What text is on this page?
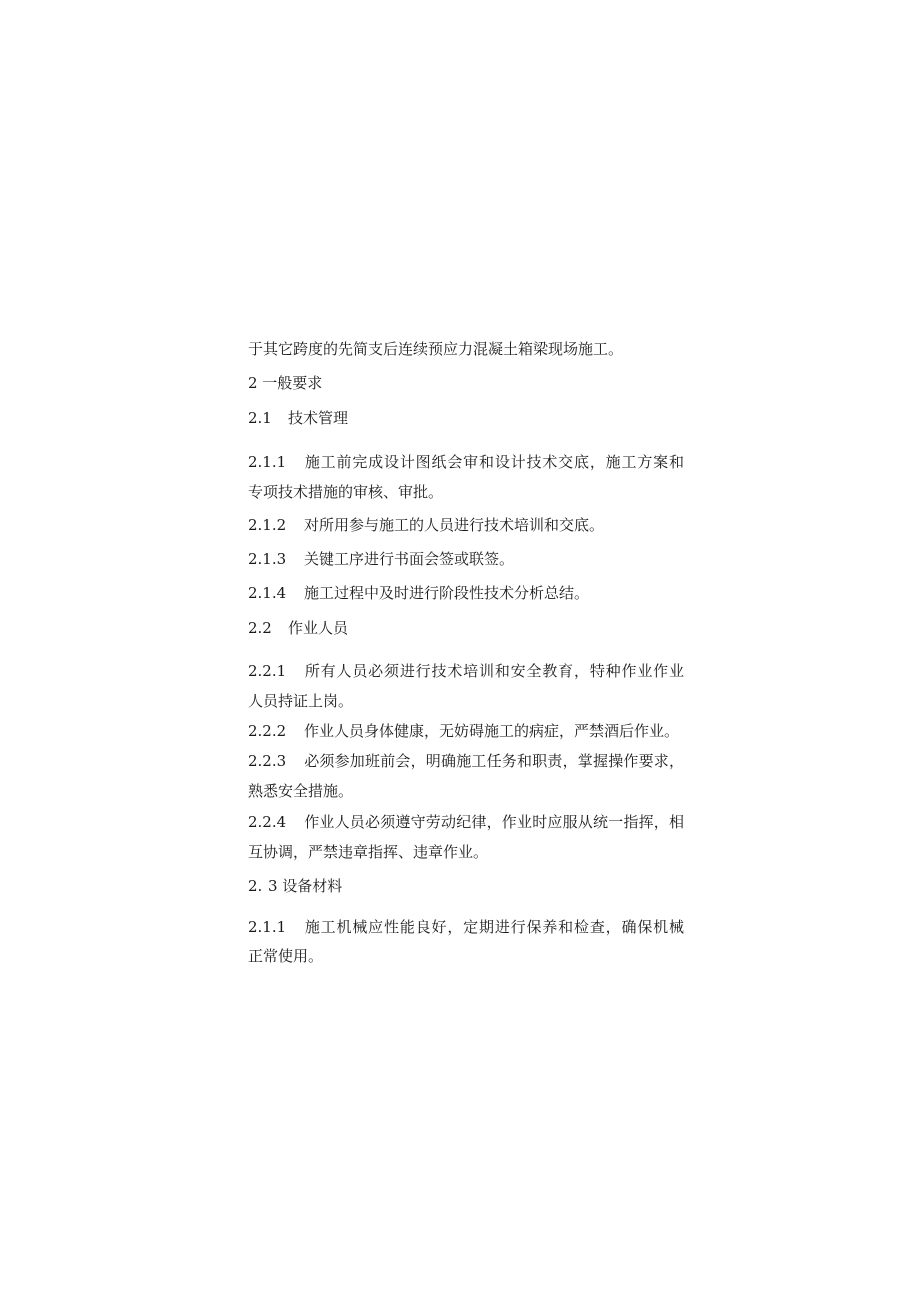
于其它跨度的先简支后连续预应力混凝土箱梁现场施工。
2 一般要求
2.1 技术管理
2.1.1 施工前完成设计图纸会审和设计技术交底，施工方案和
专项技术措施的审核、审批。
2.1.2 对所用参与施工的人员进行技术培训和交底。
2.1.3 关键工序进行书面会签或联签。
2.1.4 施工过程中及时进行阶段性技术分析总结。
2.2 作业人员
2.2.1 所有人员必须进行技术培训和安全教育，特种作业作业
人员持证上岗。
2.2.2 作业人员身体健康，无妨碍施工的病症，严禁酒后作业。
2.2.3 必须参加班前会，明确施工任务和职责，掌握操作要求，
熟悉安全措施。
2.2.4 作业人员必须遵守劳动纪律，作业时应服从统一指挥，相
互协调，严禁违章指挥、违章作业。
2. 3 设备材料
2.1.1 施工机械应性能良好，定期进行保养和检查，确保机械
正常使用。
